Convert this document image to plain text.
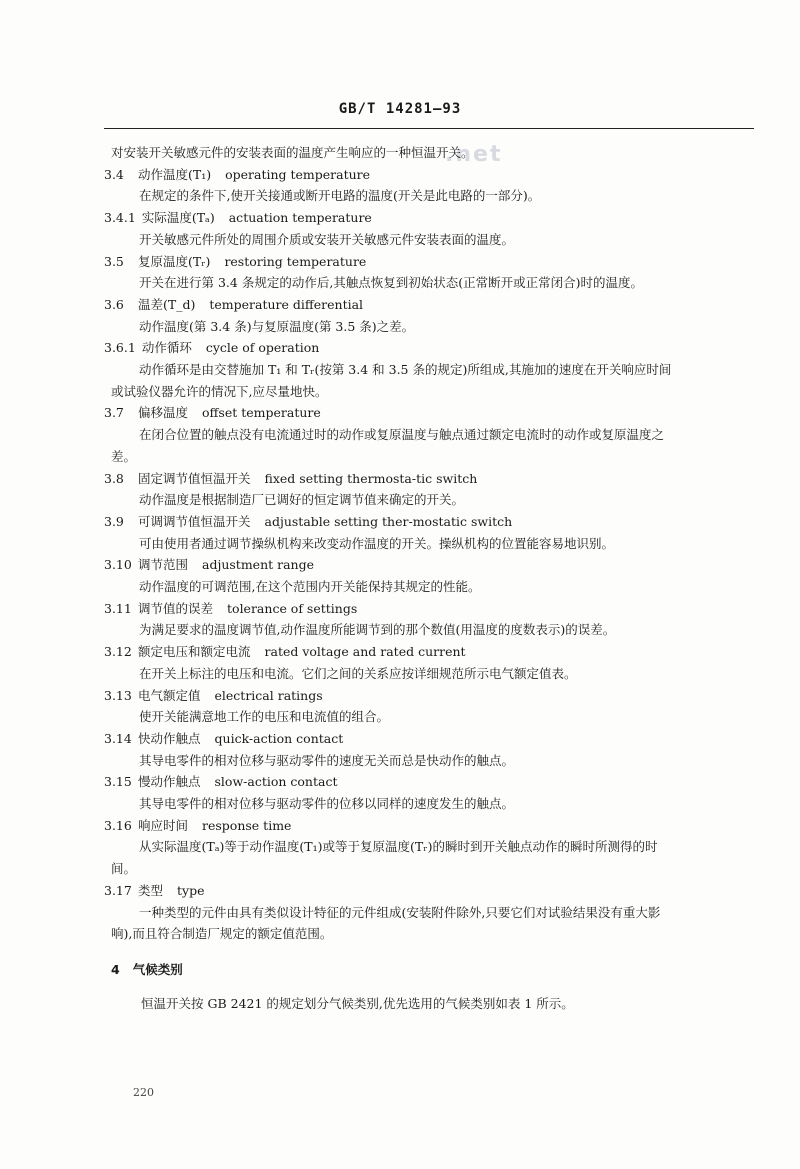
GB/T 14281—93
.net
对安装开关敏感元件的安装表面的温度产生响应的一种恒温开关。
3.4 动作温度(T₁) operating temperature
在规定的条件下,使开关接通或断开电路的温度(开关是此电路的一部分)。
3.4.1 实际温度(Tₐ) actuation temperature
开关敏感元件所处的周围介质或安装开关敏感元件安装表面的温度。
3.5 复原温度(Tᵣ) restoring temperature
开关在进行第 3.4 条规定的动作后,其触点恢复到初始状态(正常断开或正常闭合)时的温度。
3.6 温差(T_d) temperature differential
动作温度(第 3.4 条)与复原温度(第 3.5 条)之差。
3.6.1 动作循环 cycle of operation
动作循环是由交替施加 T₁ 和 Tᵣ(按第 3.4 和 3.5 条的规定)所组成,其施加的速度在开关响应时间
或试验仪器允许的情况下,应尽量地快。
3.7 偏移温度 offset temperature
在闭合位置的触点没有电流通过时的动作或复原温度与触点通过额定电流时的动作或复原温度之
差。
3.8 固定调节值恒温开关 fixed setting thermosta-tic switch
动作温度是根据制造厂已调好的恒定调节值来确定的开关。
3.9 可调调节值恒温开关 adjustable setting ther-mostatic switch
可由使用者通过调节操纵机构来改变动作温度的开关。操纵机构的位置能容易地识别。
3.10 调节范围 adjustment range
动作温度的可调范围,在这个范围内开关能保持其规定的性能。
3.11 调节值的误差 tolerance of settings
为满足要求的温度调节值,动作温度所能调节到的那个数值(用温度的度数表示)的误差。
3.12 额定电压和额定电流 rated voltage and rated current
在开关上标注的电压和电流。它们之间的关系应按详细规范所示电气额定值表。
3.13 电气额定值 electrical ratings
使开关能满意地工作的电压和电流值的组合。
3.14 快动作触点 quick-action contact
其导电零件的相对位移与驱动零件的速度无关而总是快动作的触点。
3.15 慢动作触点 slow-action contact
其导电零件的相对位移与驱动零件的位移以同样的速度发生的触点。
3.16 响应时间 response time
从实际温度(Tₐ)等于动作温度(T₁)或等于复原温度(Tᵣ)的瞬时到开关触点动作的瞬时所测得的时
间。
3.17 类型 type
一种类型的元件由具有类似设计特征的元件组成(安装附件除外,只要它们对试验结果没有重大影
响),而且符合制造厂规定的额定值范围。
4 气候类别
恒温开关按 GB 2421 的规定划分气候类别,优先选用的气候类别如表 1 所示。
220
